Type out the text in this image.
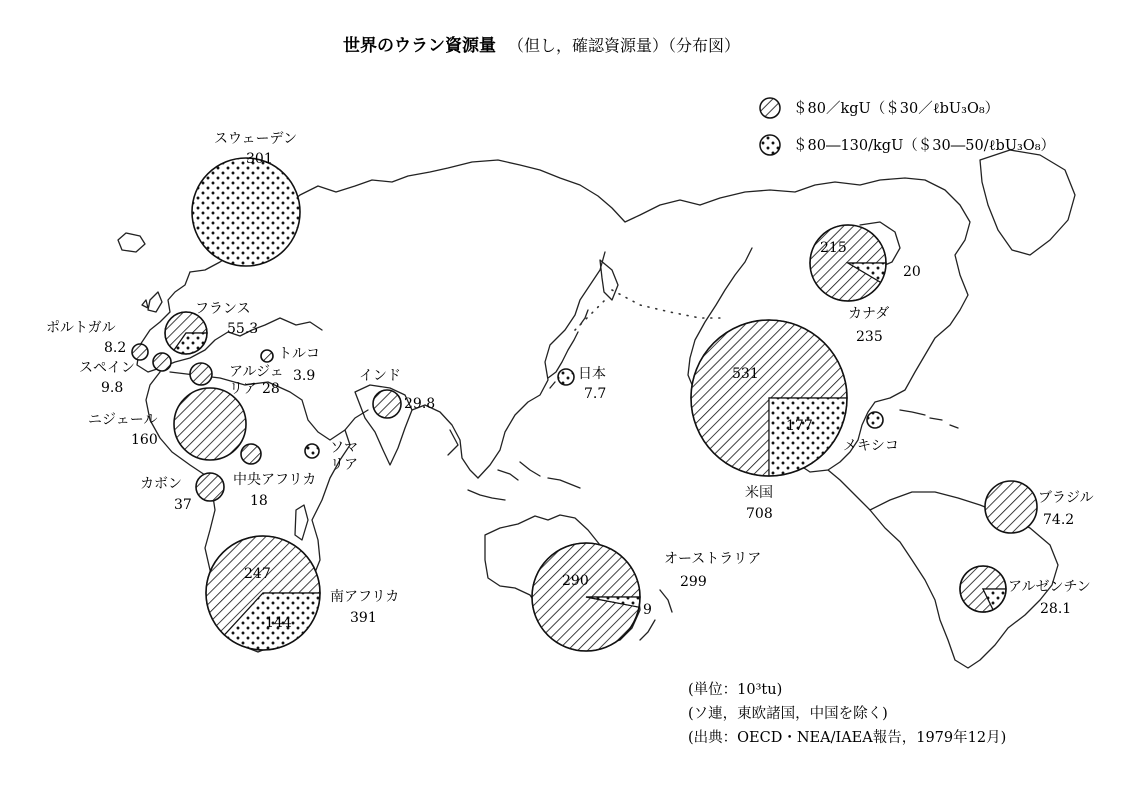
世界のウラン資源量 （但し，確認資源量）（分布図）
＄80／kgU（＄30／ℓbU₃O₈）
＄80―130/kgU（＄30―50/ℓbU₃O₈）
スウェーデン
301
フランス
55.3
ポルトガル
8.2
スペイン
9.8
アルジェ
リア 28
トルコ
3.9
ニジェール
160
中央アフリカ
18
カボン
37
ソマ
リア
南アフリカ
391
インド
29.8
日本
7.7
オーストラリア
299
米国
708
カナダ
235
メキシコ
ブラジル
74.2
アルゼンチン
28.1
247
144
290
9
531
177
215
20
(単位：10³tu)
(ソ連，東欧諸国，中国を除く)
(出典：OECD・NEA/IAEA報告，1979年12月)
